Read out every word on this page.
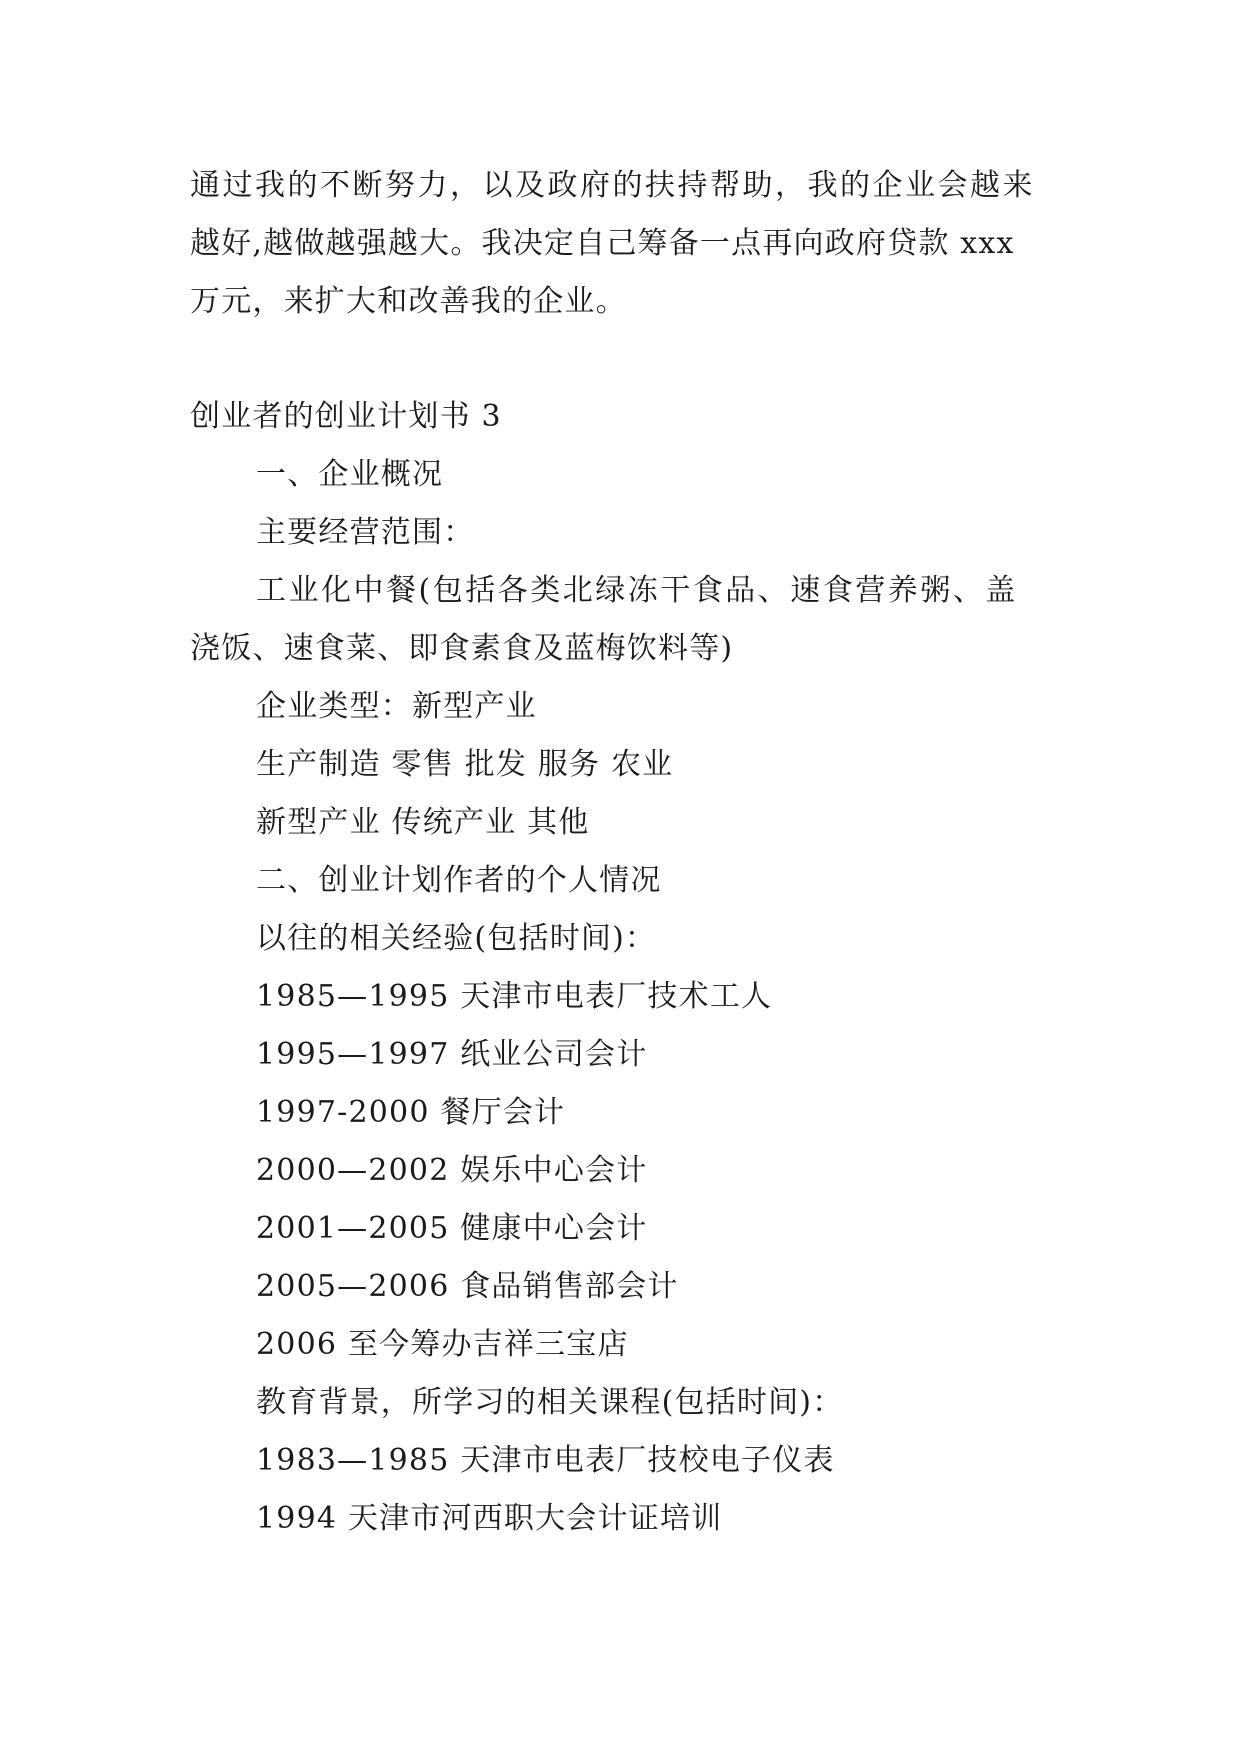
通过我的不断努力，以及政府的扶持帮助，我的企业会越来
越好,越做越强越大。我决定自己筹备一点再向政府贷款 xxx
万元，来扩大和改善我的企业。
创业者的创业计划书 3
一、企业概况
主要经营范围：
工业化中餐(包括各类北绿冻干食品、速食营养粥、盖
浇饭、速食菜、即食素食及蓝梅饮料等)
企业类型：新型产业
生产制造 零售 批发 服务 农业
新型产业 传统产业 其他
二、创业计划作者的个人情况
以往的相关经验(包括时间)：
1985—1995 天津市电表厂技术工人
1995—1997 纸业公司会计
1997-2000 餐厅会计
2000—2002 娱乐中心会计
2001—2005 健康中心会计
2005—2006 食品销售部会计
2006 至今筹办吉祥三宝店
教育背景，所学习的相关课程(包括时间)：
1983—1985 天津市电表厂技校电子仪表
1994 天津市河西职大会计证培训
